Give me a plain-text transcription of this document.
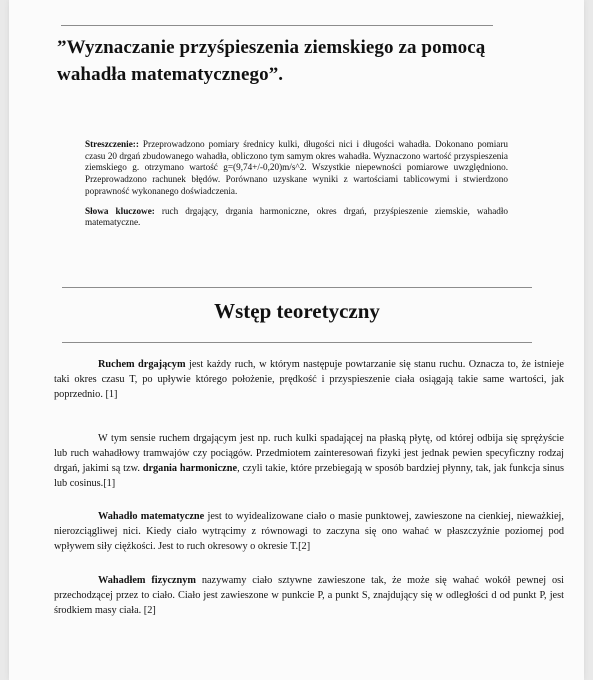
”Wyznaczanie przyśpieszenia ziemskiego za pomocą wahadła matematycznego”.

Streszczenie:: Przeprowadzono pomiary średnicy kulki, długości nici i długości wahadła. Dokonano pomiaru czasu 20 drgań zbudowanego wahadła, obliczono tym samym okres wahadła. Wyznaczono wartość przyspieszenia ziemskiego g. otrzymano wartość g=(9,74+/-0,20)m/s^2. Wszystkie niepewności pomiarowe uwzględniono. Przeprowadzono rachunek błędów. Porównano uzyskane wyniki z wartościami tablicowymi i stwierdzono poprawność wykonanego doświadczenia.

Słowa kluczowe: ruch drgający, drgania harmoniczne, okres drgań, przyśpieszenie ziemskie, wahadło matematyczne.

Wstęp teoretyczny
Ruchem drgającym jest każdy ruch, w którym następuje powtarzanie się stanu ruchu. Oznacza to, że istnieje taki okres czasu T, po upływie którego położenie, prędkość i przyspieszenie ciała osiągają takie same wartości, jak poprzednio. [1]
W tym sensie ruchem drgającym jest np. ruch kulki spadającej na płaską płytę, od której odbija się sprężyście lub ruch wahadłowy tramwajów czy pociągów. Przedmiotem zainteresowań fizyki jest jednak pewien specyficzny rodzaj drgań, jakimi są tzw. drgania harmoniczne, czyli takie, które przebiegają w sposób bardziej płynny, tak, jak funkcja sinus lub cosinus.[1]
Wahadło matematyczne jest to wyidealizowane ciało o masie punktowej, zawieszone na cienkiej, nieważkiej, nierozciągliwej nici. Kiedy ciało wytrącimy z równowagi to zaczyna się ono wahać w płaszczyźnie poziomej pod wpływem siły ciężkości. Jest to ruch okresowy o okresie T.[2]
Wahadłem fizycznym nazywamy ciało sztywne zawieszone tak, że może się wahać wokół pewnej osi przechodzącej przez to ciało. Ciało jest zawieszone w punkcie P, a punkt S, znajdujący się w odległości d od punkt P, jest środkiem masy ciała. [2]
